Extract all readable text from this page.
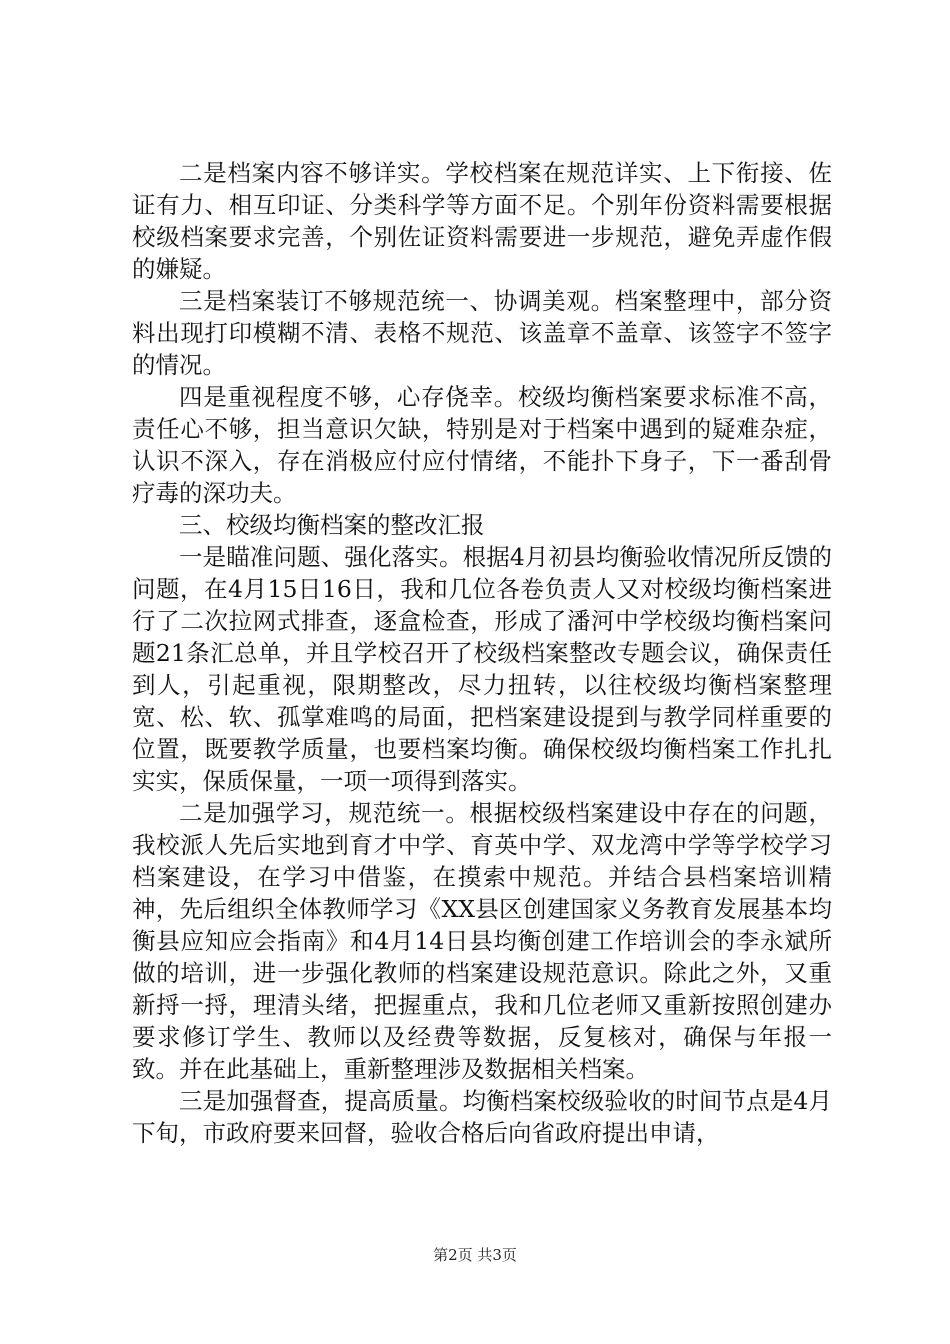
二是档案内容不够详实。学校档案在规范详实、上下衔接、佐证有力、相互印证、分类科学等方面不足。个别年份资料需要根据校级档案要求完善，个别佐证资料需要进一步规范，避免弄虚作假的嫌疑。

三是档案装订不够规范统一、协调美观。档案整理中，部分资料出现打印模糊不清、表格不规范、该盖章不盖章、该签字不签字的情况。

四是重视程度不够，心存侥幸。校级均衡档案要求标准不高，责任心不够，担当意识欠缺，特别是对于档案中遇到的疑难杂症，认识不深入，存在消极应付应付情绪，不能扑下身子，下一番刮骨疗毒的深功夫。

三、校级均衡档案的整改汇报

一是瞄准问题、强化落实。根据4月初县均衡验收情况所反馈的问题，在4月15日16日，我和几位各卷负责人又对校级均衡档案进行了二次拉网式排查，逐盒检查，形成了潘河中学校级均衡档案问题21条汇总单，并且学校召开了校级档案整改专题会议，确保责任到人，引起重视，限期整改，尽力扭转，以往校级均衡档案整理宽、松、软、孤掌难鸣的局面，把档案建设提到与教学同样重要的位置，既要教学质量，也要档案均衡。确保校级均衡档案工作扎扎实实，保质保量，一项一项得到落实。

二是加强学习，规范统一。根据校级档案建设中存在的问题，我校派人先后实地到育才中学、育英中学、双龙湾中学等学校学习档案建设，在学习中借鉴，在摸索中规范。并结合县档案培训精神，先后组织全体教师学习《XX县区创建国家义务教育发展基本均衡县应知应会指南》和4月14日县均衡创建工作培训会的李永斌所做的培训，进一步强化教师的档案建设规范意识。除此之外，又重新捋一捋，理清头绪，把握重点，我和几位老师又重新按照创建办要求修订学生、教师以及经费等数据，反复核对，确保与年报一致。并在此基础上，重新整理涉及数据相关档案。

三是加强督查，提高质量。均衡档案校级验收的时间节点是4月下旬，市政府要来回督，验收合格后向省政府提出申请，

第2页 共3页
